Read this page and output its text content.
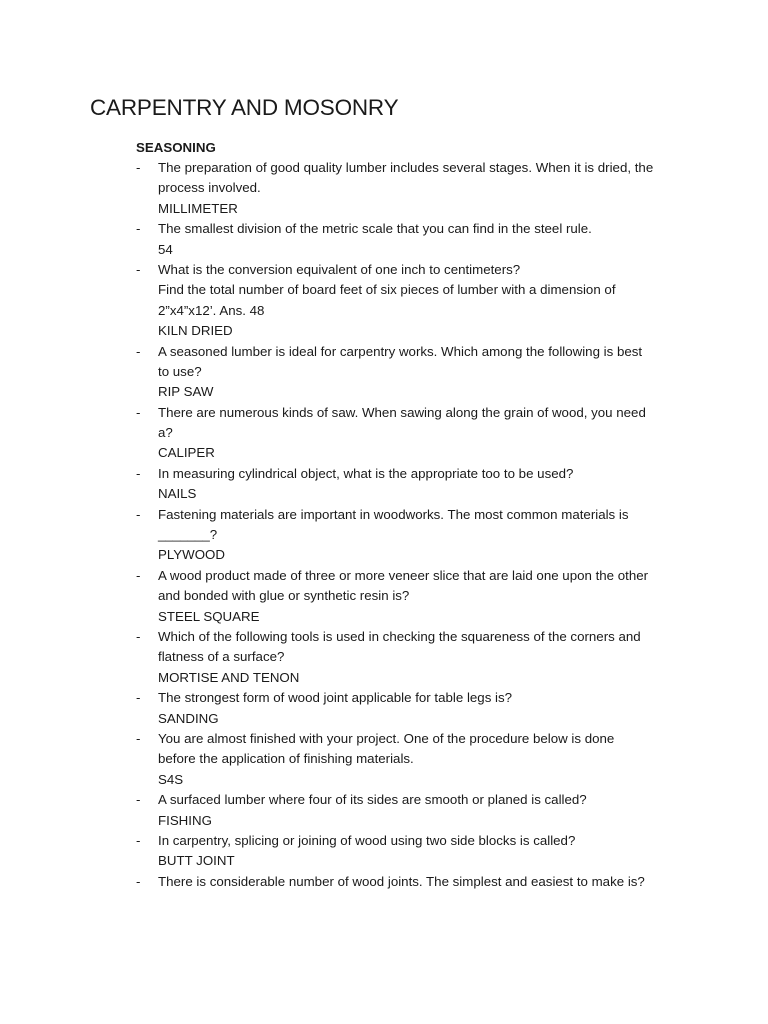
CARPENTRY AND MOSONRY
SEASONING
- The preparation of good quality lumber includes several stages. When it is dried, the
process involved.
MILLIMETER
- The smallest division of the metric scale that you can find in the steel rule.
54
- What is the conversion equivalent of one inch to centimeters?
Find the total number of board feet of six pieces of lumber with a dimension of
2”x4”x12’. Ans. 48
KILN DRIED
- A seasoned lumber is ideal for carpentry works. Which among the following is best
to use?
RIP SAW
- There are numerous kinds of saw. When sawing along the grain of wood, you need
a?
CALIPER
- In measuring cylindrical object, what is the appropriate too to be used?
NAILS
- Fastening materials are important in woodworks. The most common materials is
_______?
PLYWOOD
- A wood product made of three or more veneer slice that are laid one upon the other
and bonded with glue or synthetic resin is?
STEEL SQUARE
- Which of the following tools is used in checking the squareness of the corners and
flatness of a surface?
MORTISE AND TENON
- The strongest form of wood joint applicable for table legs is?
SANDING
- You are almost finished with your project. One of the procedure below is done
before the application of finishing materials.
S4S
- A surfaced lumber where four of its sides are smooth or planed is called?
FISHING
- In carpentry, splicing or joining of wood using two side blocks is called?
BUTT JOINT
- There is considerable number of wood joints. The simplest and easiest to make is?
